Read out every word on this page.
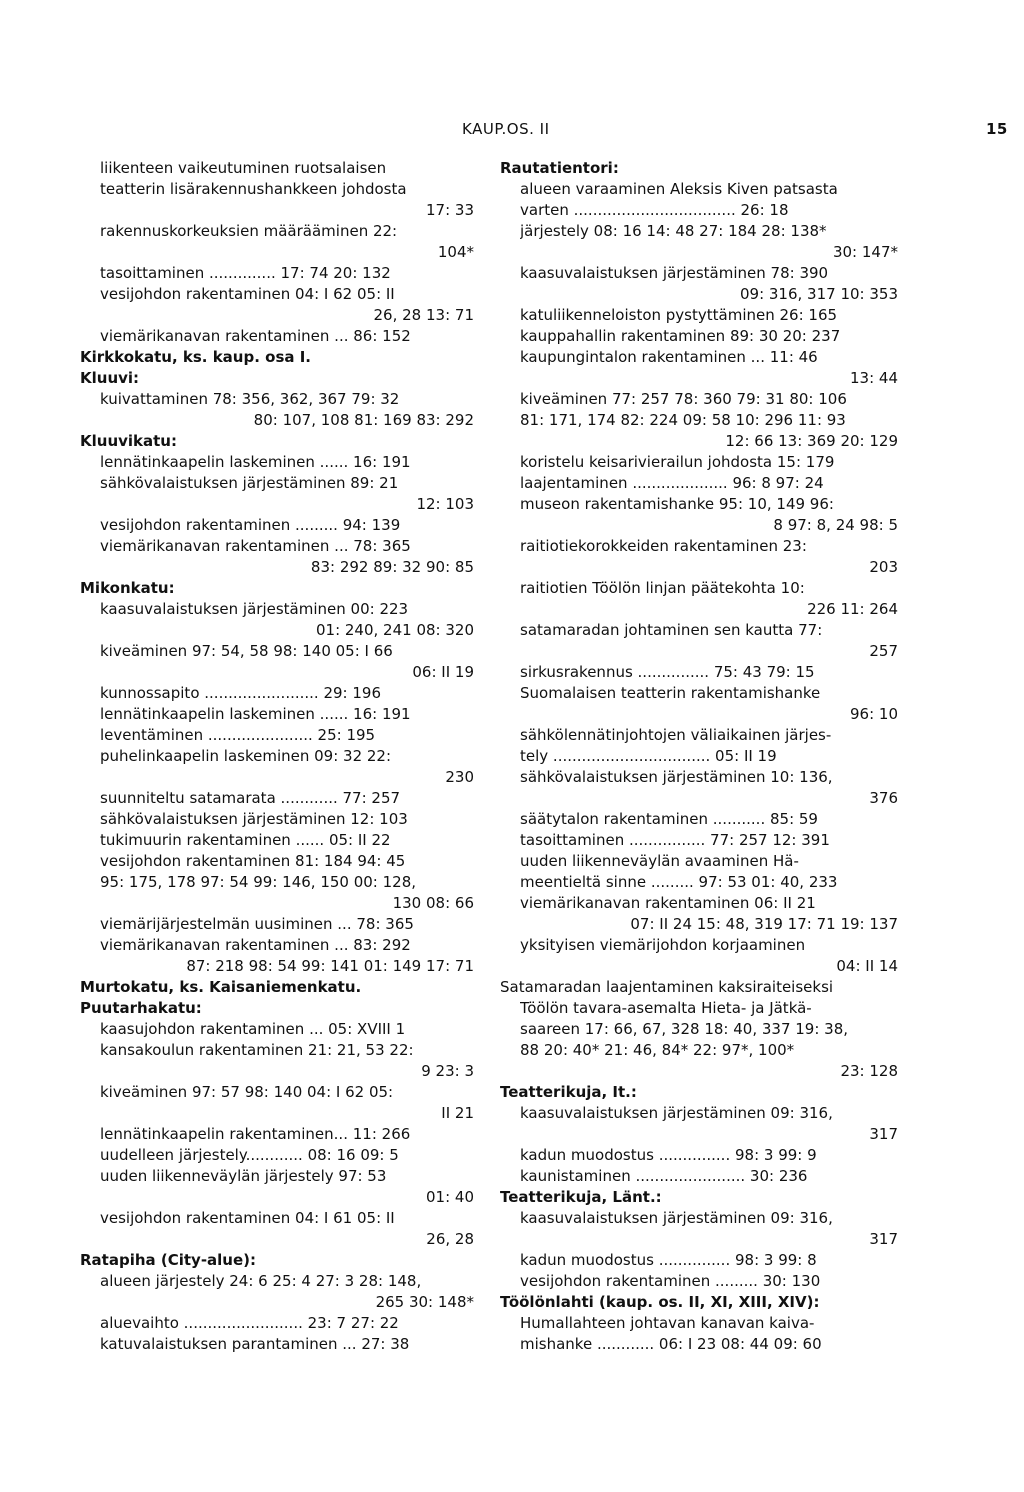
KAUP.OS. II	15
liikenteen vaikeutuminen ruotsalaisen
teatterin lisärakennushankkeen johdosta
17: 33
rakennuskorkeuksien määrääminen 22:
104*
tasoittaminen .............. 17: 74 20: 132
vesijohdon rakentaminen 04: I 62 05: II
26, 28 13: 71
viemärikanavan rakentaminen ... 86: 152
Kirkkokatu, ks. kaup. osa I.
Kluuvi:
kuivattaminen 78: 356, 362, 367 79: 32
80: 107, 108 81: 169 83: 292
Kluuvikatu:
lennätinkaapelin laskeminen ...... 16: 191
sähkövalaistuksen järjestäminen 89: 21
12: 103
vesijohdon rakentaminen ......... 94: 139
viemärikanavan rakentaminen ... 78: 365
83: 292 89: 32 90: 85
Mikonkatu:
kaasuvalaistuksen järjestäminen 00: 223
01: 240, 241 08: 320
kiveäminen 97: 54, 58 98: 140 05: I 66
06: II 19
kunnossapito ........................ 29: 196
lennätinkaapelin laskeminen ...... 16: 191
leventäminen ...................... 25: 195
puhelinkaapelin laskeminen 09: 32 22:
230
suunniteltu satamarata ............ 77: 257
sähkövalaistuksen järjestäminen 12: 103
tukimuurin rakentaminen ...... 05: II 22
vesijohdon rakentaminen 81: 184 94: 45
95: 175, 178 97: 54 99: 146, 150 00: 128,
130 08: 66
viemärijärjestelmän uusiminen ... 78: 365
viemärikanavan rakentaminen ... 83: 292
87: 218 98: 54 99: 141 01: 149 17: 71
Murtokatu, ks. Kaisaniemenkatu.
Puutarhakatu:
kaasujohdon rakentaminen ... 05: XVIII 1
kansakoulun rakentaminen 21: 21, 53 22:
9 23: 3
kiveäminen 97: 57 98: 140 04: I 62 05:
II 21
lennätinkaapelin rakentaminen... 11: 266
uudelleen järjestely............ 08: 16 09: 5
uuden liikenneväylän järjestely 97: 53
01: 40
vesijohdon rakentaminen 04: I 61 05: II
26, 28
Ratapiha (City-alue):
alueen järjestely 24: 6 25: 4 27: 3 28: 148,
265 30: 148*
aluevaihto ......................... 23: 7 27: 22
katuvalaistuksen parantaminen ... 27: 38
Rautatientori:
alueen varaaminen Aleksis Kiven patsasta
varten .................................. 26: 18
järjestely 08: 16 14: 48 27: 184 28: 138*
30: 147*
kaasuvalaistuksen järjestäminen 78: 390
09: 316, 317 10: 353
katuliikenneloiston pystyttäminen 26: 165
kauppahallin rakentaminen 89: 30 20: 237
kaupungintalon rakentaminen ... 11: 46
13: 44
kiveäminen 77: 257 78: 360 79: 31 80: 106
81: 171, 174 82: 224 09: 58 10: 296 11: 93
12: 66 13: 369 20: 129
koristelu keisarivierailun johdosta 15: 179
laajentaminen .................... 96: 8 97: 24
museon rakentamishanke 95: 10, 149 96:
8 97: 8, 24 98: 5
raitiotiekorokkeiden rakentaminen 23:
203
raitiotien Töölön linjan päätekohta 10:
226 11: 264
satamaradan johtaminen sen kautta 77:
257
sirkusrakennus ............... 75: 43 79: 15
Suomalaisen teatterin rakentamishanke
96: 10
sähkölennätinjohtojen väliaikainen järjes-
tely ................................. 05: II 19
sähkövalaistuksen järjestäminen 10: 136,
376
säätytalon rakentaminen ........... 85: 59
tasoittaminen ................ 77: 257 12: 391
uuden liikenneväylän avaaminen Hä-
meentieltä sinne ......... 97: 53 01: 40, 233
viemärikanavan rakentaminen 06: II 21
07: II 24 15: 48, 319 17: 71 19: 137
yksityisen viemärijohdon korjaaminen
04: II 14
Satamaradan laajentaminen kaksiraiteiseksi
Töölön tavara-asemalta Hieta- ja Jätkä-
saareen 17: 66, 67, 328 18: 40, 337 19: 38,
88 20: 40* 21: 46, 84* 22: 97*, 100*
23: 128
Teatterikuja, It.:
kaasuvalaistuksen järjestäminen 09: 316,
317
kadun muodostus ............... 98: 3 99: 9
kaunistaminen ....................... 30: 236
Teatterikuja, Länt.:
kaasuvalaistuksen järjestäminen 09: 316,
317
kadun muodostus ............... 98: 3 99: 8
vesijohdon rakentaminen ......... 30: 130
Töölönlahti (kaup. os. II, XI, XIII, XIV):
Humallahteen johtavan kanavan kaiva-
mishanke ............ 06: I 23 08: 44 09: 60
